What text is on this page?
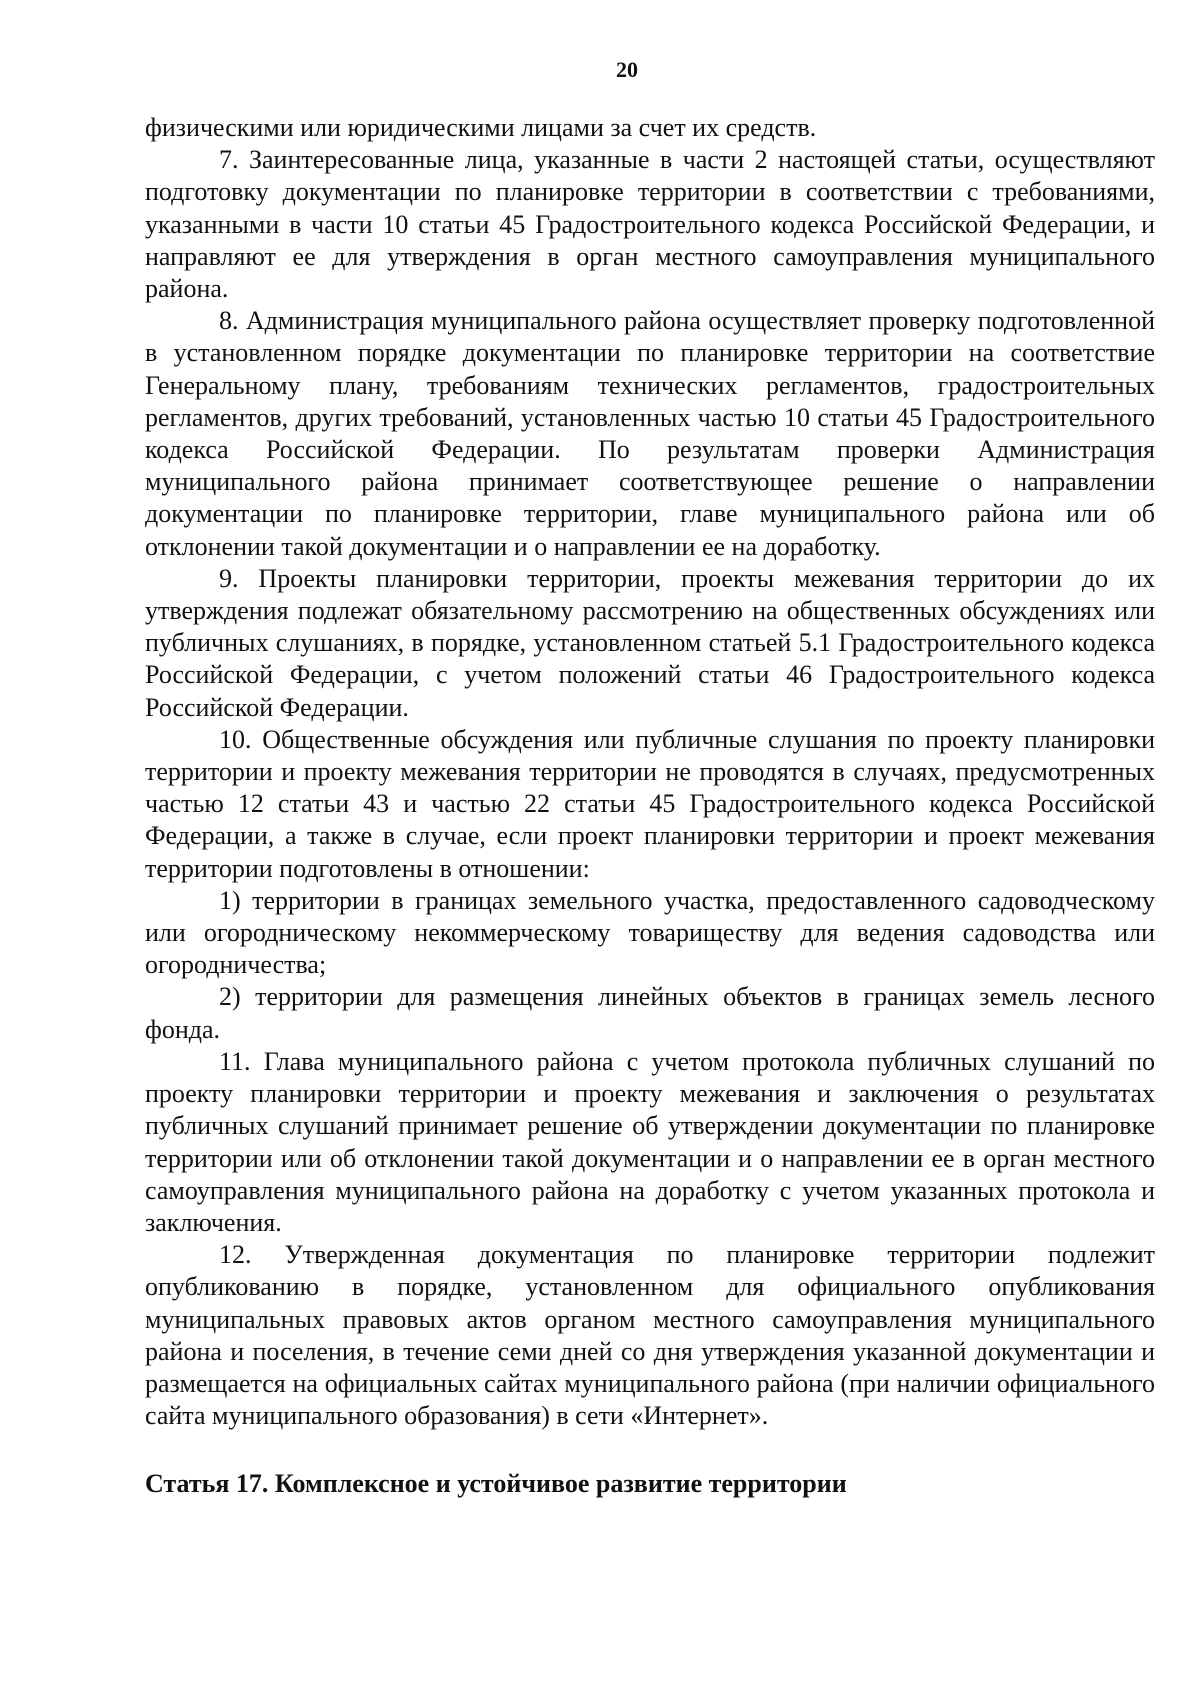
20

физическими или юридическими лицами за счет их средств.

7. Заинтересованные лица, указанные в части 2 настоящей статьи, осуществляют подготовку документации по планировке территории в соответствии с требованиями, указанными в части 10 статьи 45 Градостроительного кодекса Российской Федерации, и направляют ее для утверждения в орган местного самоуправления муниципального района.

8. Администрация муниципального района осуществляет проверку подготовленной в установленном порядке документации по планировке территории на соответствие Генеральному плану, требованиям технических регламентов, градостроительных регламентов, других требований, установленных частью 10 статьи 45 Градостроительного кодекса Российской Федерации. По результатам проверки Администрация муниципального района принимает соответствующее решение о направлении документации по планировке территории, главе муниципального района или об отклонении такой документации и о направлении ее на доработку.

9. Проекты планировки территории, проекты межевания территории до их утверждения подлежат обязательному рассмотрению на общественных обсуждениях или публичных слушаниях, в порядке, установленном статьей 5.1 Градостроительного кодекса Российской Федерации, с учетом положений статьи 46 Градостроительного кодекса Российской Федерации.

10. Общественные обсуждения или публичные слушания по проекту планировки территории и проекту межевания территории не проводятся в случаях, предусмотренных частью 12 статьи 43 и частью 22 статьи 45 Градостроительного кодекса Российской Федерации, а также в случае, если проект планировки территории и проект межевания территории подготовлены в отношении:

1) территории в границах земельного участка, предоставленного садоводческому или огородническому некоммерческому товариществу для ведения садоводства или огородничества;

2) территории для размещения линейных объектов в границах земель лесного фонда.

11. Глава муниципального района с учетом протокола публичных слушаний по проекту планировки территории и проекту межевания и заключения о результатах публичных слушаний принимает решение об утверждении документации по планировке территории или об отклонении такой документации и о направлении ее в орган местного самоуправления муниципального района на доработку с учетом указанных протокола и заключения.

12. Утвержденная документация по планировке территории подлежит опубликованию в порядке, установленном для официального опубликования муниципальных правовых актов органом местного самоуправления муниципального района и поселения, в течение семи дней со дня утверждения указанной документации и размещается на официальных сайтах муниципального района (при наличии официального сайта муниципального образования) в сети «Интернет».

Статья 17. Комплексное и устойчивое развитие территории
